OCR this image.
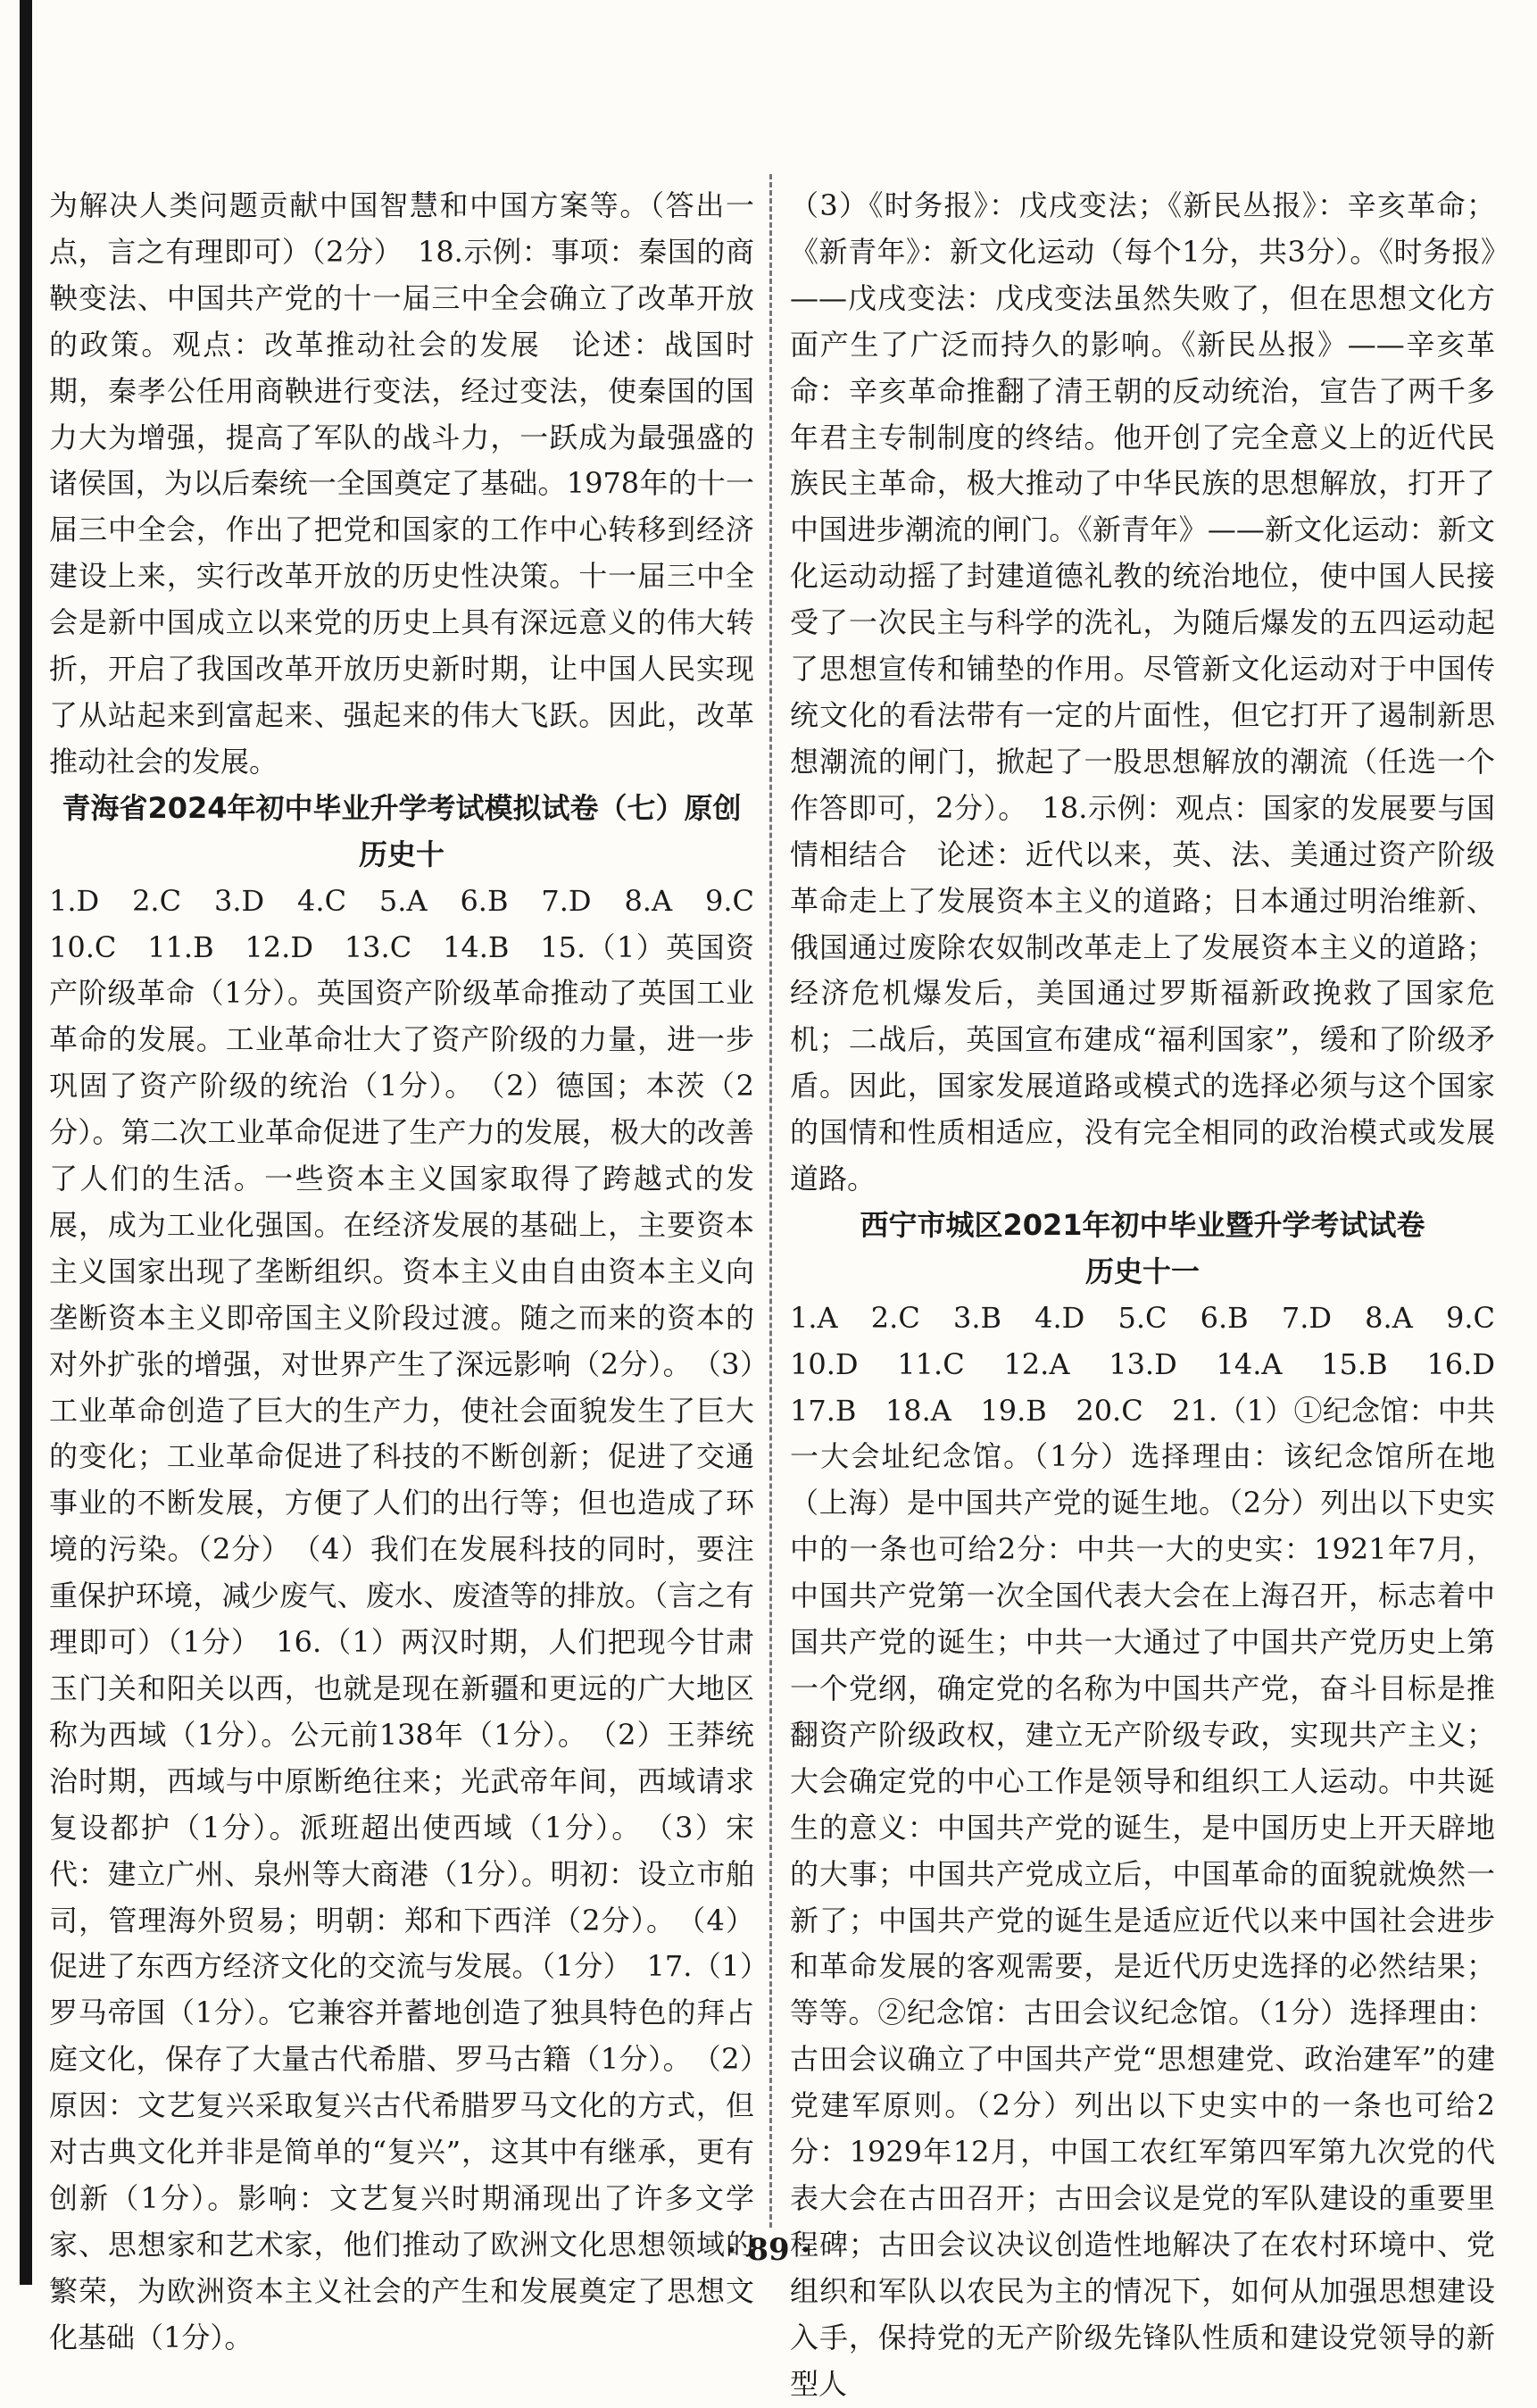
为解决人类问题贡献中国智慧和中国方案等。（答出一点，言之有理即可）（2分）　18.示例：事项：秦国的商鞅变法、中国共产党的十一届三中全会确立了改革开放的政策。观点：改革推动社会的发展　论述：战国时期，秦孝公任用商鞅进行变法，经过变法，使秦国的国力大为增强，提高了军队的战斗力，一跃成为最强盛的诸侯国，为以后秦统一全国奠定了基础。1978年的十一届三中全会，作出了把党和国家的工作中心转移到经济建设上来，实行改革开放的历史性决策。十一届三中全会是新中国成立以来党的历史上具有深远意义的伟大转折，开启了我国改革开放历史新时期，让中国人民实现了从站起来到富起来、强起来的伟大飞跃。因此，改革推动社会的发展。

青海省2024年初中毕业升学考试模拟试卷（七）原创
历史十

1.D　2.C　3.D　4.C　5.A　6.B　7.D　8.A　9.C　10.C　11.B　12.D　13.C　14.B　15.（1）英国资产阶级革命（1分）。英国资产阶级革命推动了英国工业革命的发展。工业革命壮大了资产阶级的力量，进一步巩固了资产阶级的统治（1分）。　（2）德国；本茨（2分）。第二次工业革命促进了生产力的发展，极大的改善了人们的生活。一些资本主义国家取得了跨越式的发展，成为工业化强国。在经济发展的基础上，主要资本主义国家出现了垄断组织。资本主义由自由资本主义向垄断资本主义即帝国主义阶段过渡。随之而来的资本的对外扩张的增强，对世界产生了深远影响（2分）。　（3）工业革命创造了巨大的生产力，使社会面貌发生了巨大的变化；工业革命促进了科技的不断创新；促进了交通事业的不断发展，方便了人们的出行等；但也造成了环境的污染。（2分）　（4）我们在发展科技的同时，要注重保护环境，减少废气、废水、废渣等的排放。（言之有理即可）（1分）　16.（1）两汉时期，人们把现今甘肃玉门关和阳关以西，也就是现在新疆和更远的广大地区称为西域（1分）。公元前138年（1分）。　（2）王莽统治时期，西域与中原断绝往来；光武帝年间，西域请求复设都护（1分）。派班超出使西域（1分）。　（3）宋代：建立广州、泉州等大商港（1分）。明初：设立市舶司，管理海外贸易；明朝：郑和下西洋（2分）。　（4）促进了东西方经济文化的交流与发展。（1分）　17.（1）罗马帝国（1分）。它兼容并蓄地创造了独具特色的拜占庭文化，保存了大量古代希腊、罗马古籍（1分）。　（2）原因：文艺复兴采取复兴古代希腊罗马文化的方式，但对古典文化并非是简单的“复兴”，这其中有继承，更有创新（1分）。影响：文艺复兴时期涌现出了许多文学家、思想家和艺术家，他们推动了欧洲文化思想领域的繁荣，为欧洲资本主义社会的产生和发展奠定了思想文化基础（1分）。

（3）《时务报》：戊戌变法；《新民丛报》：辛亥革命；《新青年》：新文化运动（每个1分，共3分）。《时务报》——戊戌变法：戊戌变法虽然失败了，但在思想文化方面产生了广泛而持久的影响。《新民丛报》——辛亥革命：辛亥革命推翻了清王朝的反动统治，宣告了两千多年君主专制制度的终结。他开创了完全意义上的近代民族民主革命，极大推动了中华民族的思想解放，打开了中国进步潮流的闸门。《新青年》——新文化运动：新文化运动动摇了封建道德礼教的统治地位，使中国人民接受了一次民主与科学的洗礼，为随后爆发的五四运动起了思想宣传和铺垫的作用。尽管新文化运动对于中国传统文化的看法带有一定的片面性，但它打开了遏制新思想潮流的闸门，掀起了一股思想解放的潮流（任选一个作答即可，2分）。　18.示例：观点：国家的发展要与国情相结合　论述：近代以来，英、法、美通过资产阶级革命走上了发展资本主义的道路；日本通过明治维新、俄国通过废除农奴制改革走上了发展资本主义的道路；经济危机爆发后，美国通过罗斯福新政挽救了国家危机；二战后，英国宣布建成“福利国家”，缓和了阶级矛盾。因此，国家发展道路或模式的选择必须与这个国家的国情和性质相适应，没有完全相同的政治模式或发展道路。

西宁市城区2021年初中毕业暨升学考试试卷
历史十一

1.A　2.C　3.B　4.D　5.C　6.B　7.D　8.A　9.C　10.D　11.C　12.A　13.D　14.A　15.B　16.D　17.B　18.A　19.B　20.C　21.（1）①纪念馆：中共一大会址纪念馆。（1分）选择理由：该纪念馆所在地（上海）是中国共产党的诞生地。（2分）列出以下史实中的一条也可给2分：中共一大的史实：1921年7月，中国共产党第一次全国代表大会在上海召开，标志着中国共产党的诞生；中共一大通过了中国共产党历史上第一个党纲，确定党的名称为中国共产党，奋斗目标是推翻资产阶级政权，建立无产阶级专政，实现共产主义；大会确定党的中心工作是领导和组织工人运动。中共诞生的意义：中国共产党的诞生，是中国历史上开天辟地的大事；中国共产党成立后，中国革命的面貌就焕然一新了；中国共产党的诞生是适应近代以来中国社会进步和革命发展的客观需要，是近代历史选择的必然结果；等等。②纪念馆：古田会议纪念馆。（1分）选择理由：古田会议确立了中国共产党“思想建党、政治建军”的建党建军原则。（2分）列出以下史实中的一条也可给2分：1929年12月，中国工农红军第四军第九次党的代表大会在古田召开；古田会议是党的军队建设的重要里程碑；古田会议决议创造性地解决了在农村环境中、党组织和军队以农民为主的情况下，如何从加强思想建设入手，保持党的无产阶级先锋队性质和建设党领导的新型人

· 89 ·
